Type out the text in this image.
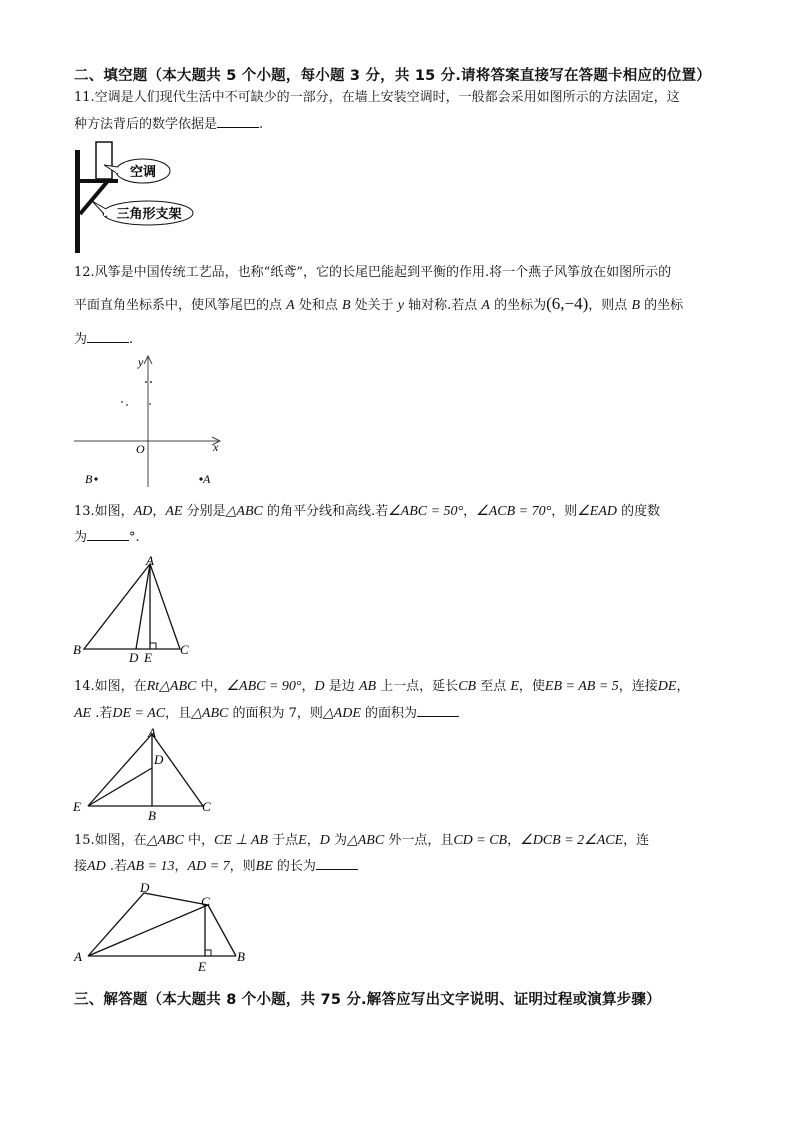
二、填空题（本大题共 5 个小题，每小题 3 分，共 15 分.请将答案直接写在答题卡相应的位置）
11.空调是人们现代生活中不可缺少的一部分，在墙上安装空调时，一般都会采用如图所示的方法固定，这
种方法背后的数学依据是	.
空调
三角形支架
12.风筝是中国传统工艺品，也称“纸鸢”，它的长尾巴能起到平衡的作用.将一个燕子风筝放在如图所示的
平面直角坐标系中，使风筝尾巴的点 A 处和点 B 处关于 y 轴对称.若点 A 的坐标为(6,−4)，则点 B 的坐标
为	.
y
x
O
B	A
13.如图，AD，AE 分别是△ABC 的角平分线和高线.若∠ABC = 50°，∠ACB = 70°，则∠EAD 的度数
为	°.
A
B	C
D E
14.如图，在Rt△ABC 中，∠ABC = 90°，D 是边 AB 上一点，延长CB 至点 E，使EB = AB = 5，连接DE，
AE .若DE = AC，且△ABC 的面积为 7，则△ADE 的面积为
A
D
E
B
C
15.如图，在△ABC 中，CE ⊥ AB 于点E，D 为△ABC 外一点，且CD = CB，∠DCB = 2∠ACE，连
接AD .若AB = 13，AD = 7，则BE 的长为
D
C
A	B
E
三、解答题（本大题共 8 个小题，共 75 分.解答应写出文字说明、证明过程或演算步骤）
